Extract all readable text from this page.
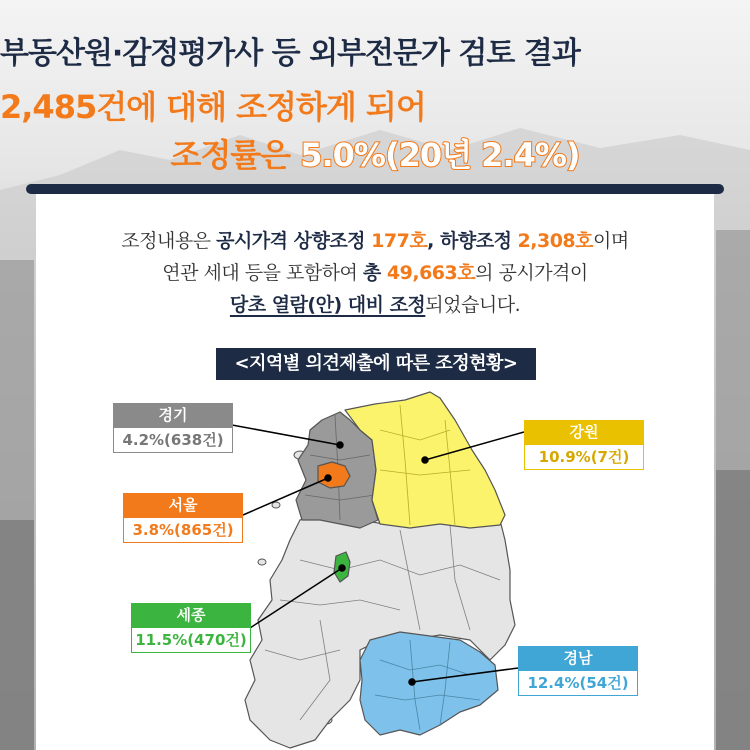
부동산원·감정평가사 등 외부전문가 검토 결과
2,485건에 대해 조정하게 되어
조정률은 5.0%(20년 2.4%)
조정내용은 공시가격 상향조정 177호, 하향조정 2,308호이며
연관 세대 등을 포함하여 총 49,663호의 공시가격이
당초 열람(안) 대비 조정되었습니다.
<지역별 의견제출에 따른 조정현황>
경기
4.2%(638건)	강원
10.9%(7건)
서울
3.8%(865건)
세종
11.5%(470건)
경남
12.4%(54건)
